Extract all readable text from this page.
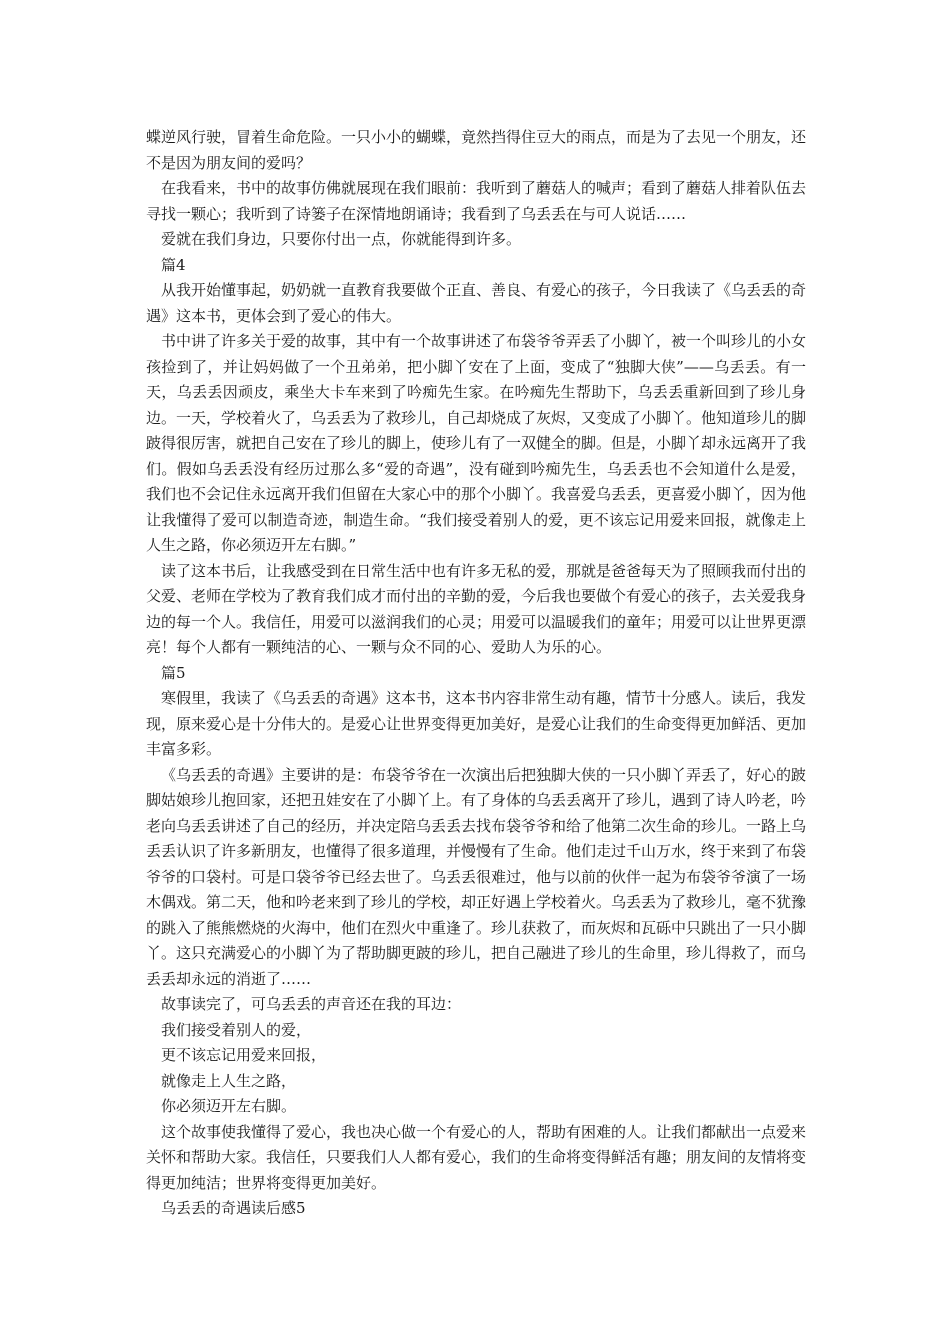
蝶逆风行驶，冒着生命危险。一只小小的蝴蝶，竟然挡得住豆大的雨点，而是为了去见一个朋友，还不是因为朋友间的爱吗？

在我看来，书中的故事仿佛就展现在我们眼前：我听到了蘑菇人的喊声；看到了蘑菇人排着队伍去寻找一颗心；我听到了诗篓子在深情地朗诵诗；我看到了乌丢丢在与可人说话……

爱就在我们身边，只要你付出一点，你就能得到许多。

篇4

从我开始懂事起，奶奶就一直教育我要做个正直、善良、有爱心的孩子，今日我读了《乌丢丢的奇遇》这本书，更体会到了爱心的伟大。

书中讲了许多关于爱的故事，其中有一个故事讲述了布袋爷爷弄丢了小脚丫，被一个叫珍儿的小女孩捡到了，并让妈妈做了一个丑弟弟，把小脚丫安在了上面，变成了“独脚大侠”——乌丢丢。有一天，乌丢丢因顽皮，乘坐大卡车来到了吟痴先生家。在吟痴先生帮助下，乌丢丢重新回到了珍儿身边。一天，学校着火了，乌丢丢为了救珍儿，自己却烧成了灰烬，又变成了小脚丫。他知道珍儿的脚跛得很厉害，就把自己安在了珍儿的脚上，使珍儿有了一双健全的脚。但是，小脚丫却永远离开了我们。假如乌丢丢没有经历过那么多“爱的奇遇”，没有碰到吟痴先生，乌丢丢也不会知道什么是爱，我们也不会记住永远离开我们但留在大家心中的那个小脚丫。我喜爱乌丢丢，更喜爱小脚丫，因为他让我懂得了爱可以制造奇迹，制造生命。“我们接受着别人的爱，更不该忘记用爱来回报，就像走上人生之路，你必须迈开左右脚。”

读了这本书后，让我感受到在日常生活中也有许多无私的爱，那就是爸爸每天为了照顾我而付出的父爱、老师在学校为了教育我们成才而付出的辛勤的爱，今后我也要做个有爱心的孩子，去关爱我身边的每一个人。我信任，用爱可以滋润我们的心灵；用爱可以温暖我们的童年；用爱可以让世界更漂亮！每个人都有一颗纯洁的心、一颗与众不同的心、爱助人为乐的心。

篇5

寒假里，我读了《乌丢丢的奇遇》这本书，这本书内容非常生动有趣，情节十分感人。读后，我发现，原来爱心是十分伟大的。是爱心让世界变得更加美好，是爱心让我们的生命变得更加鲜活、更加丰富多彩。

《乌丢丢的奇遇》主要讲的是：布袋爷爷在一次演出后把独脚大侠的一只小脚丫弄丢了，好心的跛脚姑娘珍儿抱回家，还把丑娃安在了小脚丫上。有了身体的乌丢丢离开了珍儿，遇到了诗人吟老，吟老向乌丢丢讲述了自己的经历，并决定陪乌丢丢去找布袋爷爷和给了他第二次生命的珍儿。一路上乌丢丢认识了许多新朋友，也懂得了很多道理，并慢慢有了生命。他们走过千山万水，终于来到了布袋爷爷的口袋村。可是口袋爷爷已经去世了。乌丢丢很难过，他与以前的伙伴一起为布袋爷爷演了一场木偶戏。第二天，他和吟老来到了珍儿的学校，却正好遇上学校着火。乌丢丢为了救珍儿，毫不犹豫的跳入了熊熊燃烧的火海中，他们在烈火中重逢了。珍儿获救了，而灰烬和瓦砾中只跳出了一只小脚丫。这只充满爱心的小脚丫为了帮助脚更跛的珍儿，把自己融进了珍儿的生命里，珍儿得救了，而乌丢丢却永远的消逝了……

故事读完了，可乌丢丢的声音还在我的耳边：

我们接受着别人的爱，

更不该忘记用爱来回报，

就像走上人生之路，

你必须迈开左右脚。

这个故事使我懂得了爱心，我也决心做一个有爱心的人，帮助有困难的人。让我们都献出一点爱来关怀和帮助大家。我信任，只要我们人人都有爱心，我们的生命将变得鲜活有趣；朋友间的友情将变得更加纯洁；世界将变得更加美好。

乌丢丢的奇遇读后感5
